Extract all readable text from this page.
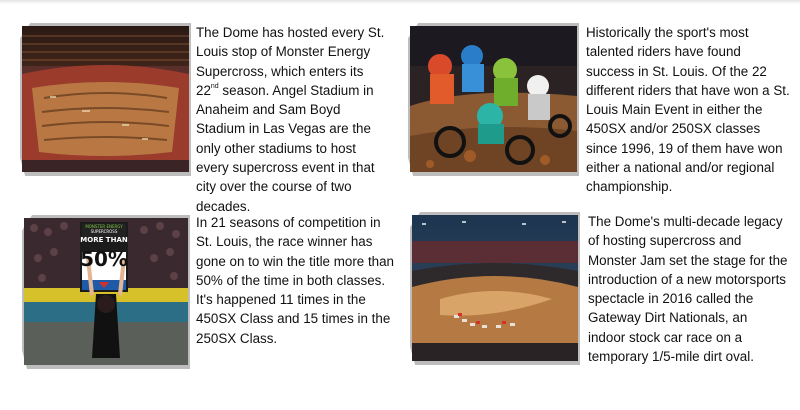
The Dome has hosted every St. Louis stop of Monster Energy Supercross, which enters its 22nd season. Angel Stadium in Anaheim and Sam Boyd Stadium in Las Vegas are the only other stadiums to host every supercross event in that city over the course of two decades.
Historically the sport's most talented riders have found success in St. Louis. Of the 22 different riders that have won a St. Louis Main Event in either the 450SX and/or 250SX classes since 1996, 19 of them have won either a national and/or regional championship.
MONSTER ENERGY
SUPERCROSS
MORE THAN
50%
In 21 seasons of competition in St. Louis, the race winner has gone on to win the title more than 50% of the time in both classes. It's happened 11 times in the 450SX Class and 15 times in the 250SX Class.
The Dome's multi-decade legacy of hosting supercross and Monster Jam set the stage for the introduction of a new motorsports spectacle in 2016 called the Gateway Dirt Nationals, an indoor stock car race on a temporary 1/5-mile dirt oval.
